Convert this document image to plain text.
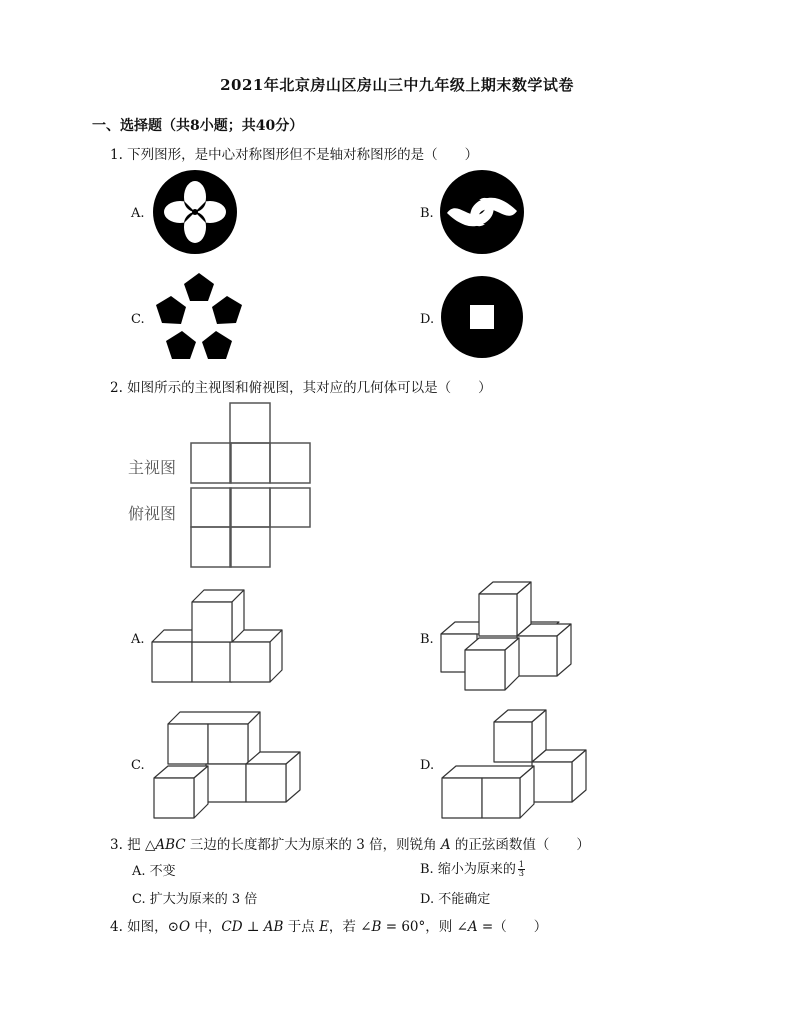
2021年北京房山区房山三中九年级上期末数学试卷
一、选择题（共8小题；共40分）
1. 下列图形，是中心对称图形但不是轴对称图形的是（　　）
A.	B.
C.	D.
2. 如图所示的主视图和俯视图，其对应的几何体可以是（　　）
主视图
俯视图
A.	B.
C.	D.
3. 把 △ABC 三边的长度都扩大为原来的 3 倍，则锐角 A 的正弦函数值（　　）
A. 不变	B. 缩小为原来的 $\frac{1}{3}$
C. 扩大为原来的 3 倍	D. 不能确定
4. 如图，⊙O 中，CD ⊥ AB 于点 E，若 ∠B = 60°，则 ∠A =（　　）
